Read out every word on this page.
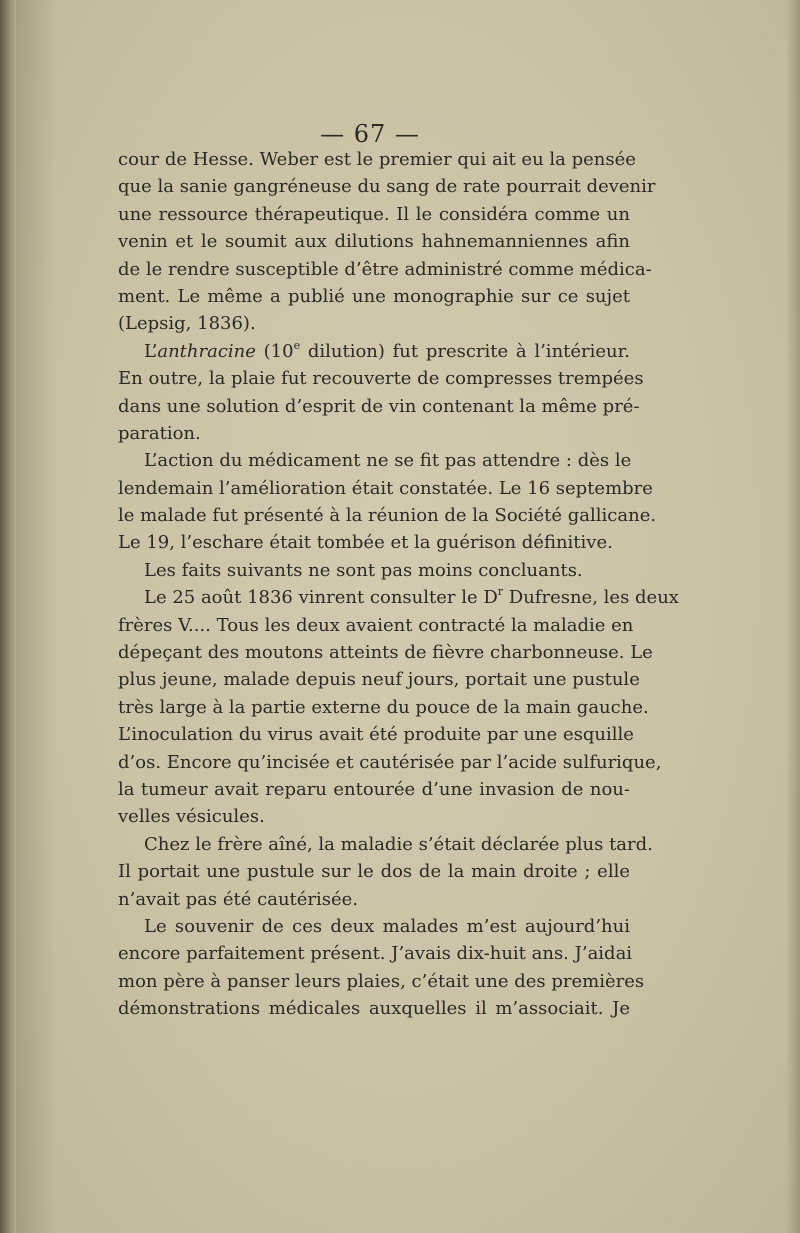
— 67 —
cour de Hesse. Weber est le premier qui ait eu la pensée
que la sanie gangréneuse du sang de rate pourrait devenir
une ressource thérapeutique. Il le considéra comme un
venin et le soumit aux dilutions hahnemanniennes afin
de le rendre susceptible d’être administré comme médica-
ment. Le même a publié une monographie sur ce sujet
(Lepsig, 1836).
L’anthracine (10e dilution) fut prescrite à l’intérieur.
En outre, la plaie fut recouverte de compresses trempées
dans une solution d’esprit de vin contenant la même pré-
paration.
L’action du médicament ne se fit pas attendre : dès le
lendemain l’amélioration était constatée. Le 16 septembre
le malade fut présenté à la réunion de la Société gallicane.
Le 19, l’eschare était tombée et la guérison définitive.
Les faits suivants ne sont pas moins concluants.
Le 25 août 1836 vinrent consulter le $D^r$ Dufresne, les deux
frères V.... Tous les deux avaient contracté la maladie en
dépeçant des moutons atteints de fièvre charbonneuse. Le
plus jeune, malade depuis neuf jours, portait une pustule
très large à la partie externe du pouce de la main gauche.
L’inoculation du virus avait été produite par une esquille
d’os. Encore qu’incisée et cautérisée par l’acide sulfurique,
la tumeur avait reparu entourée d’une invasion de nou-
velles vésicules.
Chez le frère aîné, la maladie s’était déclarée plus tard.
Il portait une pustule sur le dos de la main droite ; elle
n’avait pas été cautérisée.
Le souvenir de ces deux malades m’est aujourd’hui
encore parfaitement présent. J’avais dix-huit ans. J’aidai
mon père à panser leurs plaies, c’était une des premières
démonstrations médicales auxquelles il m’associait. Je
